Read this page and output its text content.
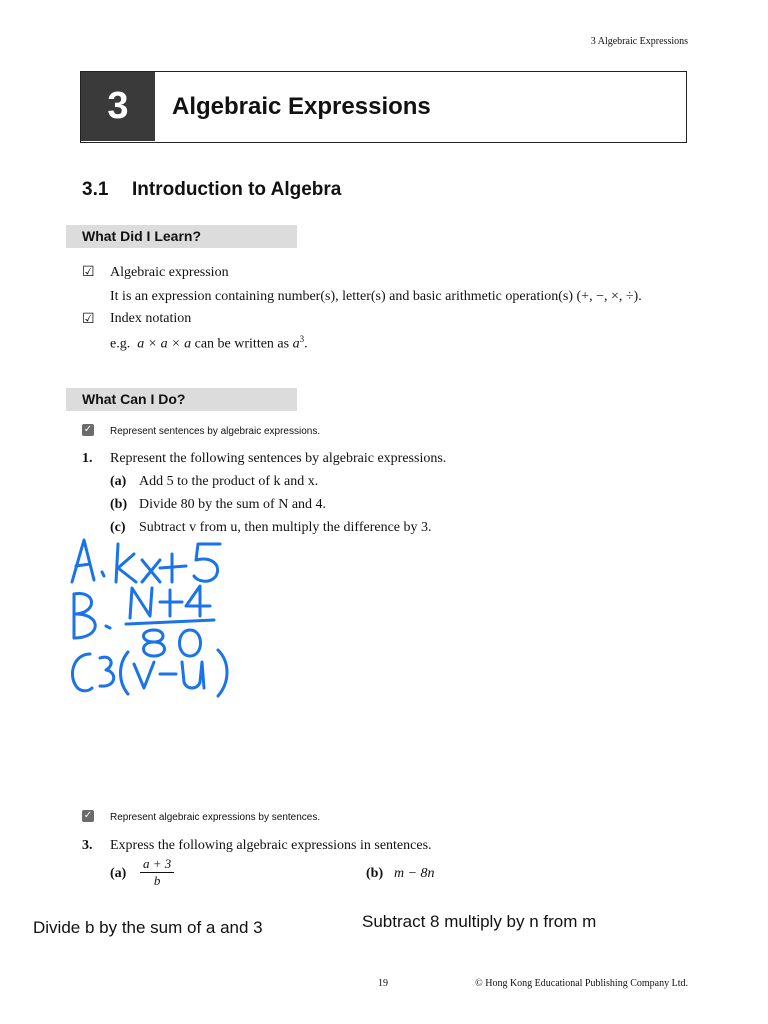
3 Algebraic Expressions
3	Algebraic Expressions
3.1 Introduction to Algebra
What Did I Learn?
☑ Algebraic expression
It is an expression containing number(s), letter(s) and basic arithmetic operation(s) (+, −, ×, ÷).
☑ Index notation
e.g. a × a × a can be written as $a^3$.
What Can I Do?
✓ Represent sentences by algebraic expressions.
1. Represent the following sentences by algebraic expressions.
(a) Add 5 to the product of k and x.
(b) Divide 80 by the sum of N and 4.
(c) Subtract v from u, then multiply the difference by 3.
✓ Represent algebraic expressions by sentences.
3. Express the following algebraic expressions in sentences.
$(a) \frac{a + 3}{b}$	(b) m − 8n
Divide b by the sum of a and 3	Subtract 8 multiply by n from m
19	© Hong Kong Educational Publishing Company Ltd.
